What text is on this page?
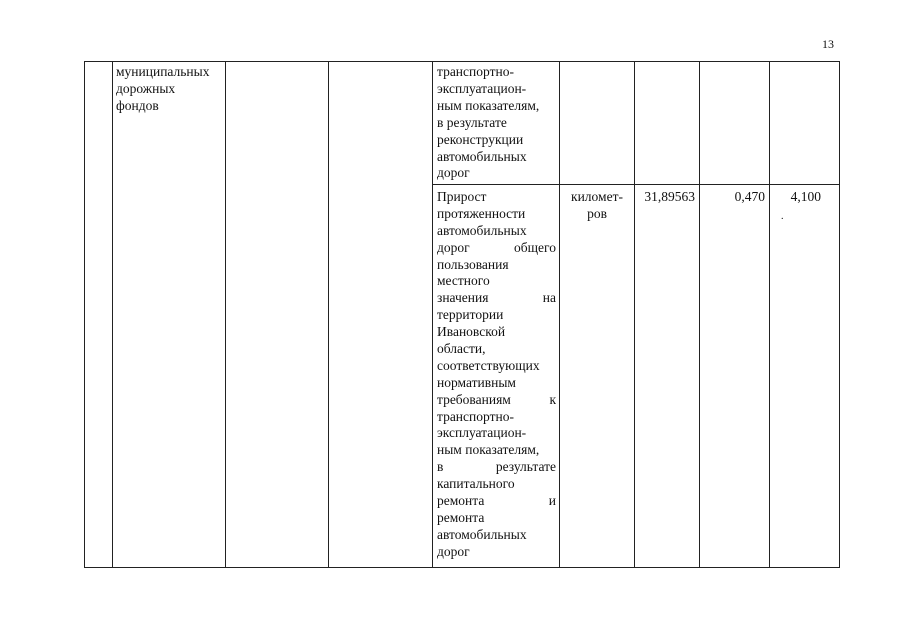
13
муниципальных
дорожных
фондов
транспортно-
эксплуатацион-
ным показателям,
в результате
реконструкции
автомобильных
дорог
Прирост
протяженности
автомобильных
дорог общего
пользования
местного
значения на
территории
Ивановской
области,
соответствующих
нормативным
требованиям к
транспортно-
эксплуатацион-
ным показателям,
в результате
капитального
ремонта и
ремонта
автомобильных
дорог
километ-
ров
31,89563	0,470	4,100
.
